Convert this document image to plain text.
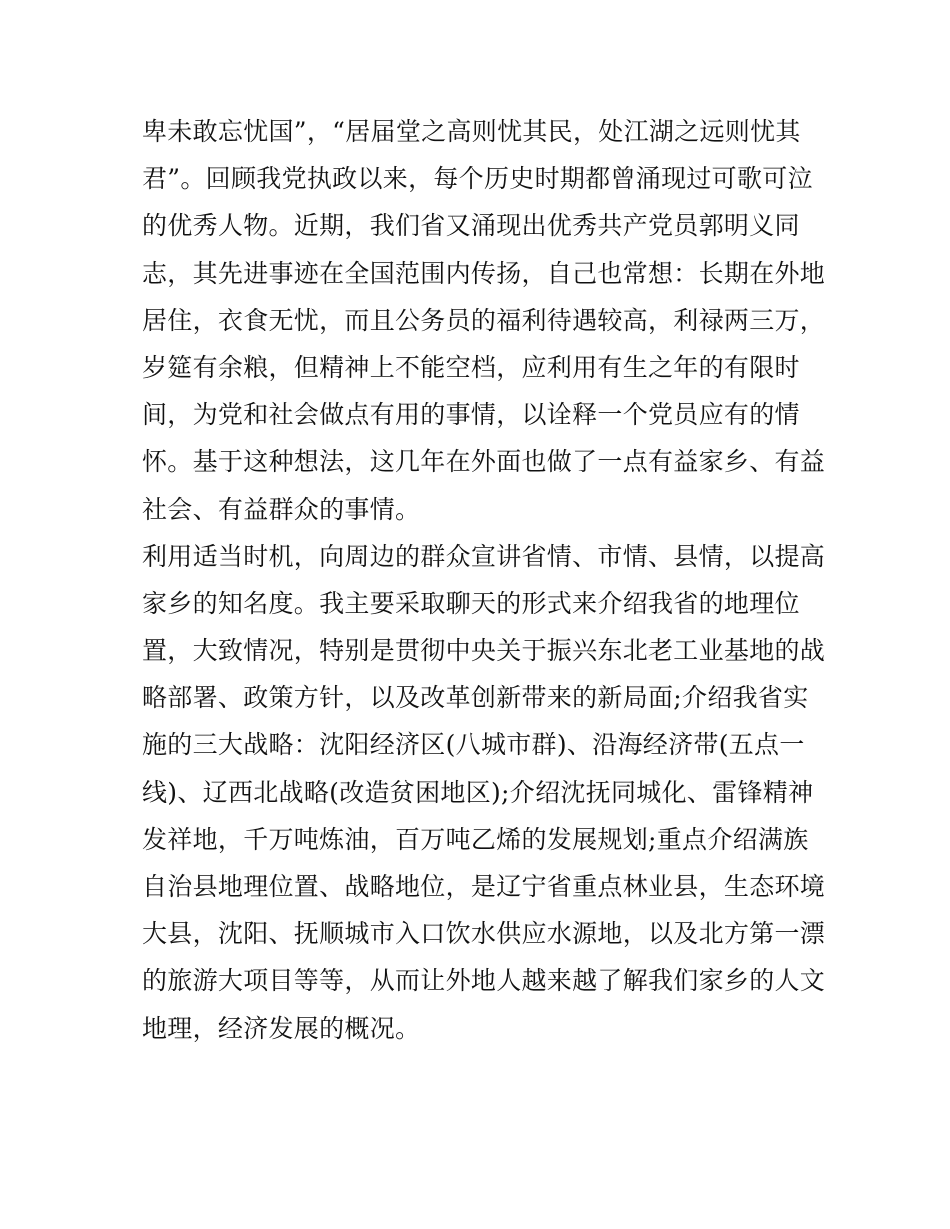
卑未敢忘忧国”，“居届堂之高则忧其民，处江湖之远则忧其
君”。回顾我党执政以来，每个历史时期都曾涌现过可歌可泣
的优秀人物。近期，我们省又涌现出优秀共产党员郭明义同
志，其先进事迹在全国范围内传扬，自己也常想：长期在外地
居住，衣食无忧，而且公务员的福利待遇较高，利禄两三万，
岁筵有余粮，但精神上不能空档，应利用有生之年的有限时
间，为党和社会做点有用的事情，以诠释一个党员应有的情
怀。基于这种想法，这几年在外面也做了一点有益家乡、有益
社会、有益群众的事情。
利用适当时机，向周边的群众宣讲省情、市情、县情，以提高
家乡的知名度。我主要采取聊天的形式来介绍我省的地理位
置，大致情况，特别是贯彻中央关于振兴东北老工业基地的战
略部署、政策方针，以及改革创新带来的新局面;介绍我省实
施的三大战略：沈阳经济区(八城市群)、沿海经济带(五点一
线)、辽西北战略(改造贫困地区);介绍沈抚同城化、雷锋精神
发祥地，千万吨炼油，百万吨乙烯的发展规划;重点介绍满族
自治县地理位置、战略地位，是辽宁省重点林业县，生态环境
大县，沈阳、抚顺城市入口饮水供应水源地，以及北方第一漂
的旅游大项目等等，从而让外地人越来越了解我们家乡的人文
地理，经济发展的概况。
